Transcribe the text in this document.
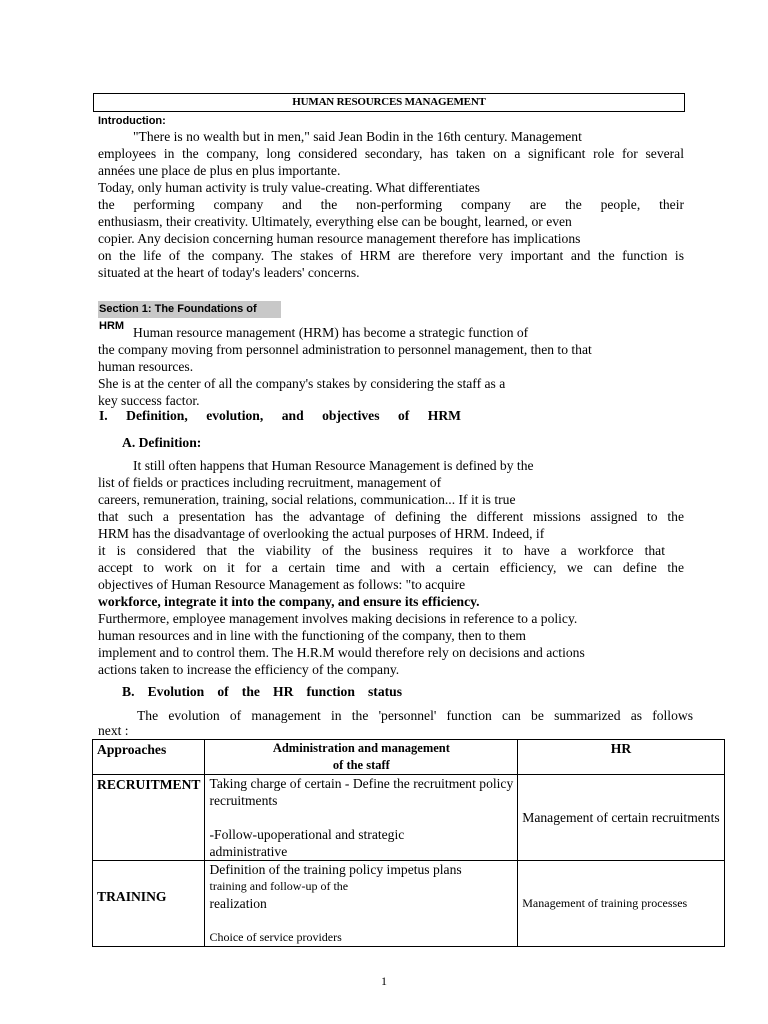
HUMAN RESOURCES MANAGEMENT
Introduction:
"There is no wealth but in men," said Jean Bodin in the 16th century. Management
employees in the company, long considered secondary, has taken on a significant role for several
années une place de plus en plus importante.
Today, only human activity is truly value-creating. What differentiates
the performing company and the non-performing company are the people, their
enthusiasm, their creativity. Ultimately, everything else can be bought, learned, or even
copier. Any decision concerning human resource management therefore has implications
on the life of the company. The stakes of HRM are therefore very important and the function is
situated at the heart of today's leaders' concerns.
Section 1: The Foundations of HRM Human resource management (HRM) has become a strategic function of
the company moving from personnel administration to personnel management, then to that
human resources.
She is at the center of all the company's stakes by considering the staff as a
key success factor.
I. Definition, evolution, and objectives of HRM
A. Definition:
It still often happens that Human Resource Management is defined by the
list of fields or practices including recruitment, management of
careers, remuneration, training, social relations, communication... If it is true
that such a presentation has the advantage of defining the different missions assigned to the
HRM has the disadvantage of overlooking the actual purposes of HRM. Indeed, if
it is considered that the viability of the business requires it to have a workforce that
accept to work on it for a certain time and with a certain efficiency, we can define the
objectives of Human Resource Management as follows: "to acquire
workforce, integrate it into the company, and ensure its efficiency.
Furthermore, employee management involves making decisions in reference to a policy.
human resources and in line with the functioning of the company, then to them
implement and to control them. The H.R.M would therefore rely on decisions and actions
actions taken to increase the efficiency of the company.
B. Evolution of the HR function status
The evolution of management in the 'personnel' function can be summarized as follows
next :
Approaches	Administration and management
of the staff	HR

RECRUITMENT	Taking charge of certain - Define the recruitment policy
recruitments
-Follow-upoperational and strategic
administrative	Management of certain recruitments

TRAINING	Definition of the training policy impetus plans
training and follow-up of the
realization
Choice of service providers	Management of training processes
1
